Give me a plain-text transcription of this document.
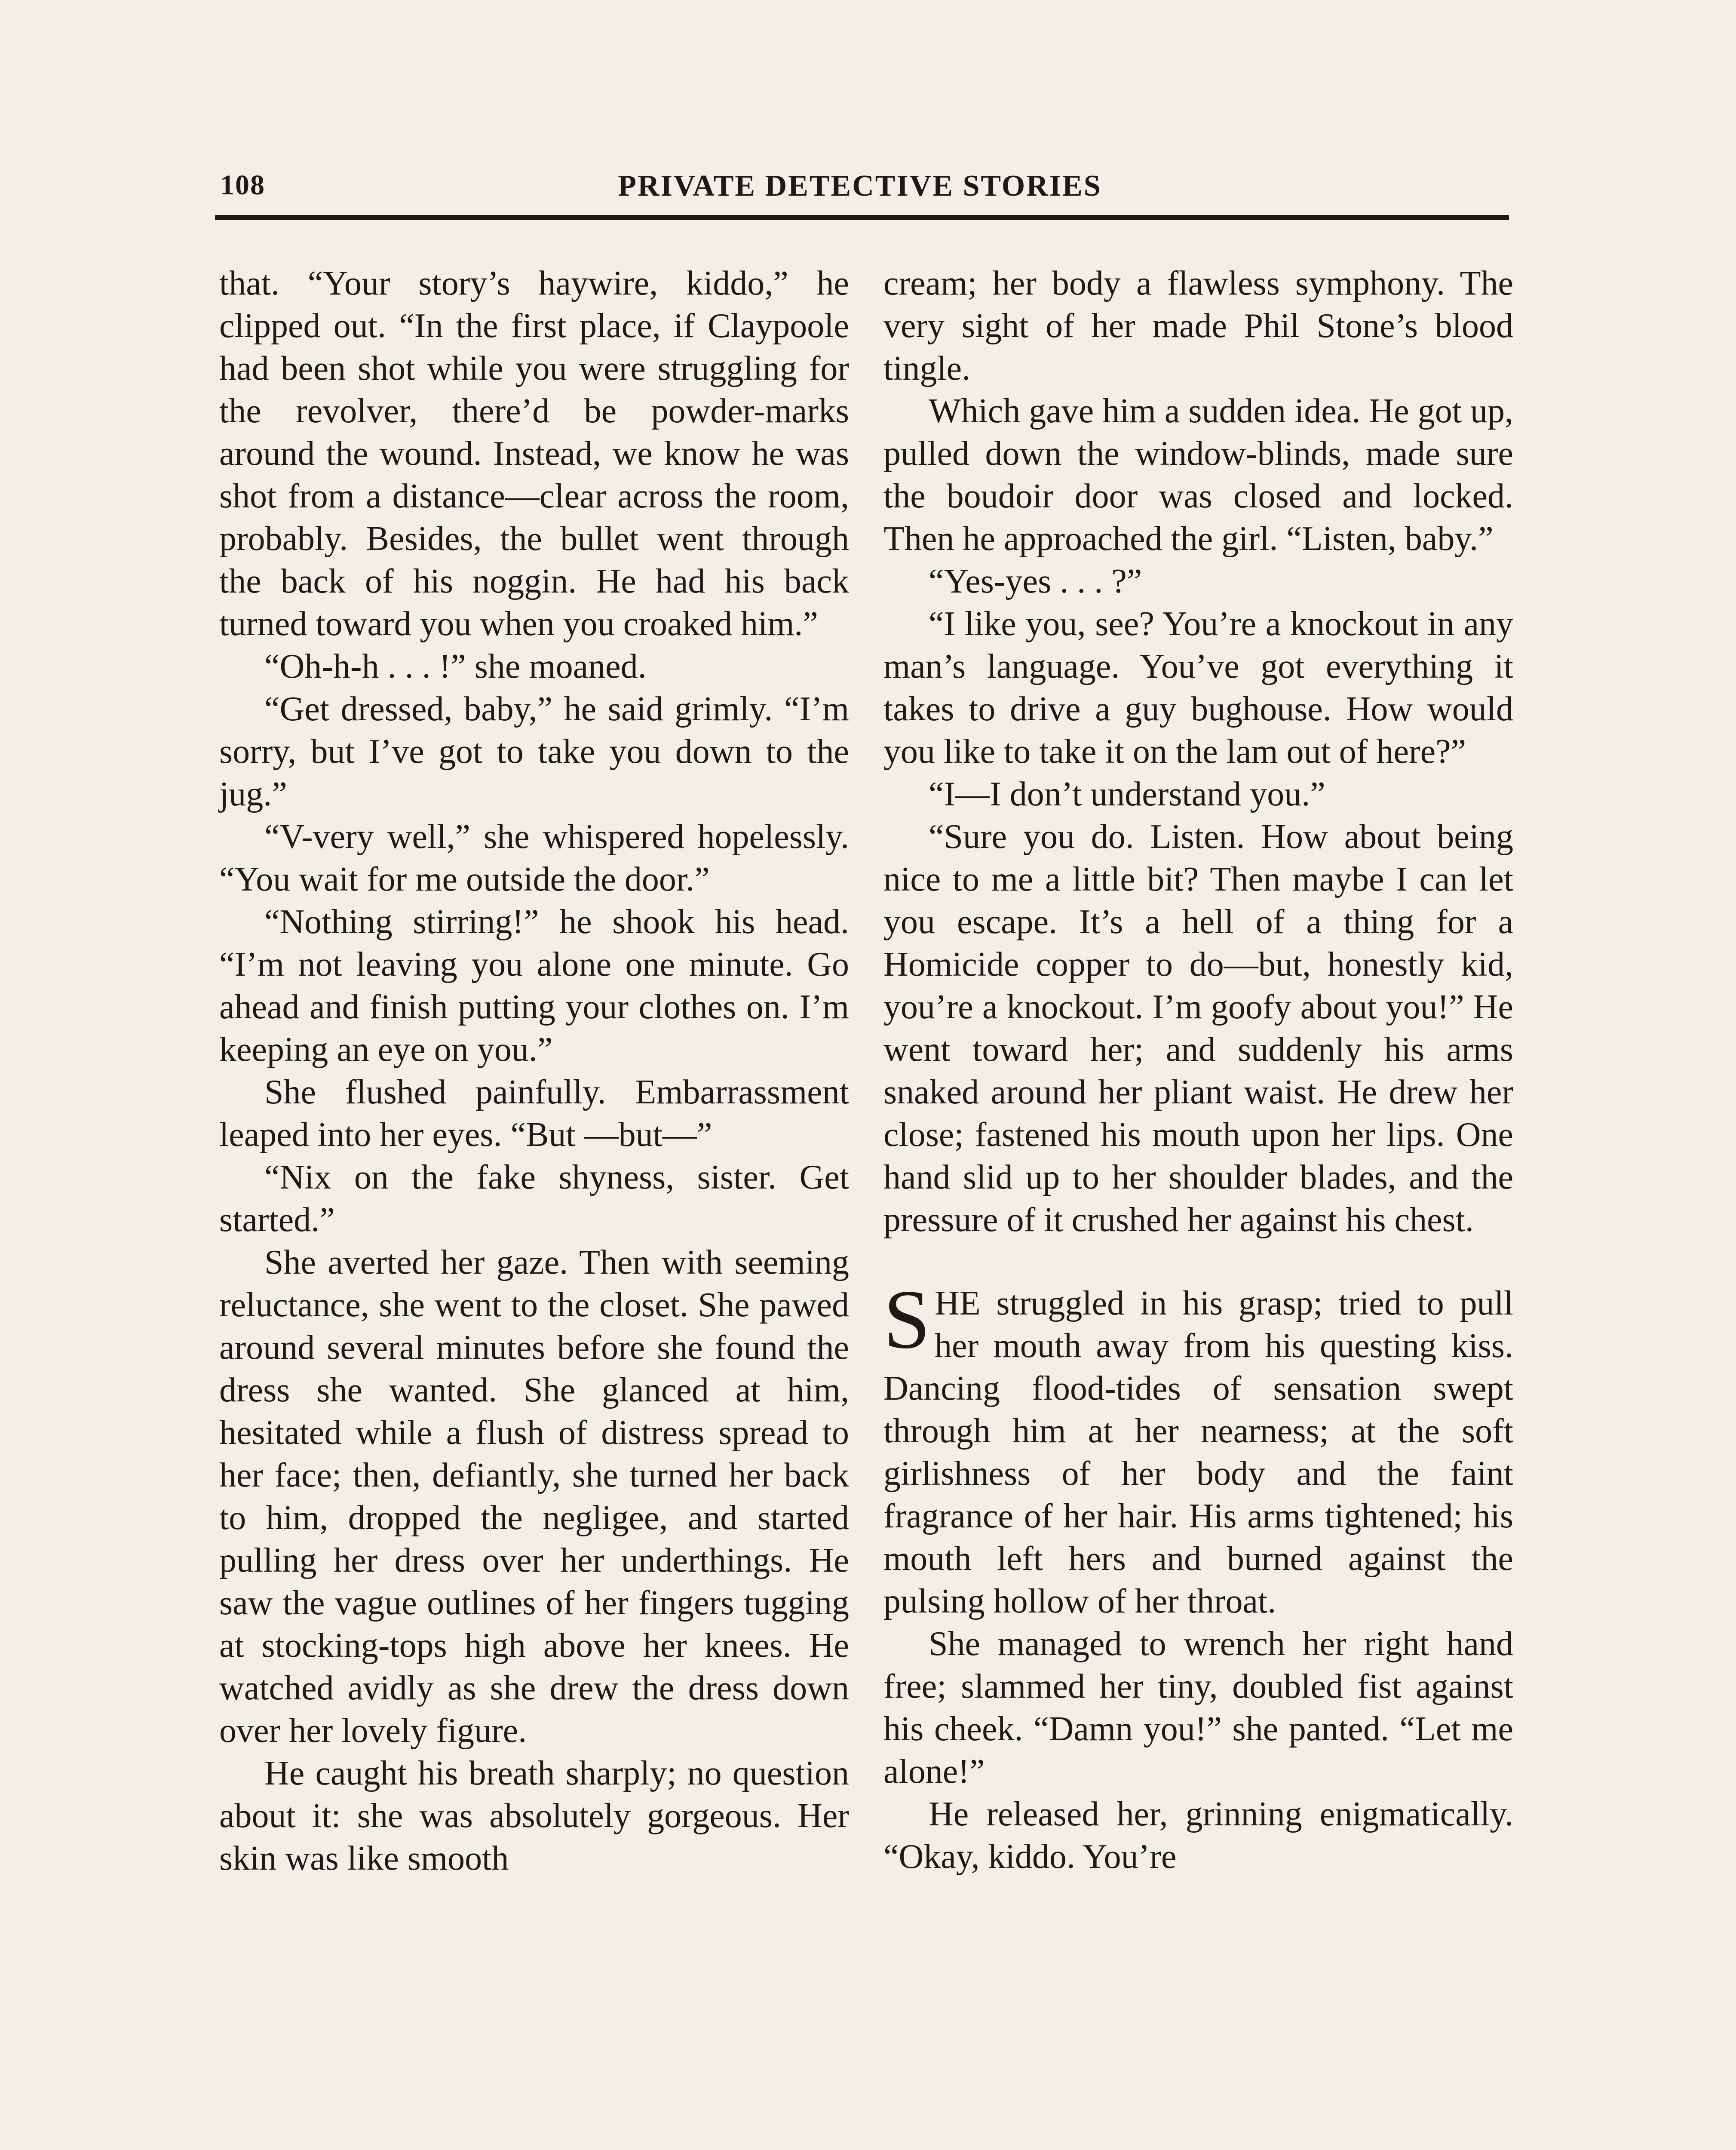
108	PRIVATE DETECTIVE STORIES

that. “Your story’s haywire, kiddo,” he clipped out. “In the first place, if Claypoole had been shot while you were struggling for the revolver, there’d be powder-marks around the wound. Instead, we know he was shot from a distance—clear across the room, probably. Besides, the bullet went through the back of his noggin. He had his back turned toward you when you croaked him.”

“Oh-h-h . . . !” she moaned.

“Get dressed, baby,” he said grimly. “I’m sorry, but I’ve got to take you down to the jug.”

“V-very well,” she whispered hopelessly. “You wait for me outside the door.”

“Nothing stirring!” he shook his head. “I’m not leaving you alone one minute. Go ahead and finish putting your clothes on. I’m keeping an eye on you.”

She flushed painfully. Embarrassment leaped into her eyes. “But —but—”

“Nix on the fake shyness, sister. Get started.”

She averted her gaze. Then with seeming reluctance, she went to the closet. She pawed around several minutes before she found the dress she wanted. She glanced at him, hesitated while a flush of distress spread to her face; then, defiantly, she turned her back to him, dropped the negligee, and started pulling her dress over her underthings. He saw the vague outlines of her fingers tugging at stocking-tops high above her knees. He watched avidly as she drew the dress down over her lovely figure.

He caught his breath sharply; no question about it: she was absolutely gorgeous. Her skin was like smooth

cream; her body a flawless symphony. The very sight of her made Phil Stone’s blood tingle.

Which gave him a sudden idea. He got up, pulled down the window-blinds, made sure the boudoir door was closed and locked. Then he approached the girl. “Listen, baby.”

“Yes-yes . . . ?”

“I like you, see? You’re a knockout in any man’s language. You’ve got everything it takes to drive a guy bughouse. How would you like to take it on the lam out of here?”

“I—I don’t understand you.”

“Sure you do. Listen. How about being nice to me a little bit? Then maybe I can let you escape. It’s a hell of a thing for a Homicide copper to do—but, honestly kid, you’re a knockout. I’m goofy about you!” He went toward her; and suddenly his arms snaked around her pliant waist. He drew her close; fastened his mouth upon her lips. One hand slid up to her shoulder blades, and the pressure of it crushed her against his chest.

SHE struggled in his grasp; tried to pull her mouth away from his questing kiss. Dancing flood-tides of sensation swept through him at her nearness; at the soft girlishness of her body and the faint fragrance of her hair. His arms tightened; his mouth left hers and burned against the pulsing hollow of her throat.

She managed to wrench her right hand free; slammed her tiny, doubled fist against his cheek. “Damn you!” she panted. “Let me alone!”

He released her, grinning enigmatically. “Okay, kiddo. You’re
